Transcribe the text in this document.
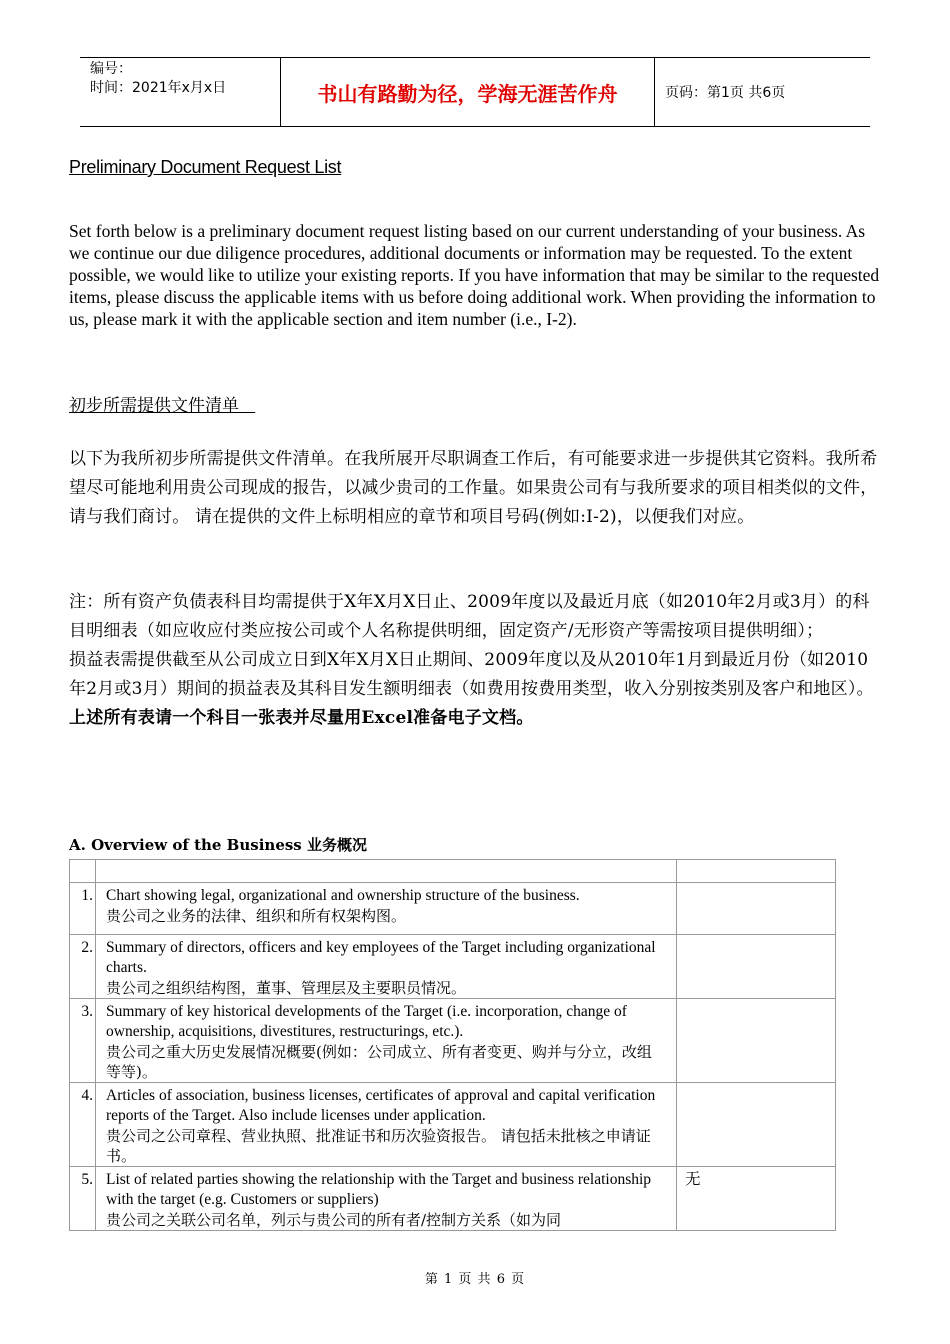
编号：
时间：2021年x月x日	书山有路勤为径，学海无涯苦作舟	页码：第1页 共6页
Preliminary Document Request List

Set forth below is a preliminary document request listing based on our current understanding of your business. As we continue our due diligence procedures, additional documents or information may be requested. To the extent possible, we would like to utilize your existing reports. If you have information that may be similar to the requested items, please discuss the applicable items with us before doing additional work. When providing the information to us, please mark it with the applicable section and item number (i.e., I-2).

初步所需提供文件清单

以下为我所初步所需提供文件清单。在我所展开尽职调查工作后，有可能要求进一步提供其它资料。我所希望尽可能地利用贵公司现成的报告，以减少贵司的工作量。如果贵公司有与我所要求的项目相类似的文件，请与我们商讨。 请在提供的文件上标明相应的章节和项目号码(例如:I-2)，以便我们对应。

注：所有资产负债表科目均需提供于X年X月X日止、2009年度以及最近月底（如2010年2月或3月）的科目明细表（如应收应付类应按公司或个人名称提供明细，固定资产/无形资产等需按项目提供明细）；
损益表需提供截至从公司成立日到X年X月X日止期间、2009年度以及从2010年1月到最近月份（如2010年2月或3月）期间的损益表及其科目发生额明细表（如费用按费用类型，收入分别按类别及客户和地区）。
上述所有表请一个科目一张表并尽量用Excel准备电子文档。
A. Overview of the Business 业务概况

1.	Chart showing legal, organizational and ownership structure of the business.
贵公司之业务的法律、组织和所有权架构图。	

2.	Summary of directors, officers and key employees of the Target including organizational charts.
贵公司之组织结构图，董事、管理层及主要职员情况。	

3.	Summary of key historical developments of the Target (i.e. incorporation, change of ownership, acquisitions, divestitures, restructurings, etc.).
贵公司之重大历史发展情况概要(例如：公司成立、所有者变更、购并与分立，改组等等)。	

4.	Articles of association, business licenses, certificates of approval and capital verification reports of the Target. Also include licenses under application.
贵公司之公司章程、营业执照、批准证书和历次验资报告。 请包括未批核之申请证书。	

5.	List of related parties showing the relationship with the Target and business relationship with the target (e.g. Customers or suppliers)
贵公司之关联公司名单，列示与贵公司的所有者/控制方关系（如为同	无
第 1 页 共 6 页
